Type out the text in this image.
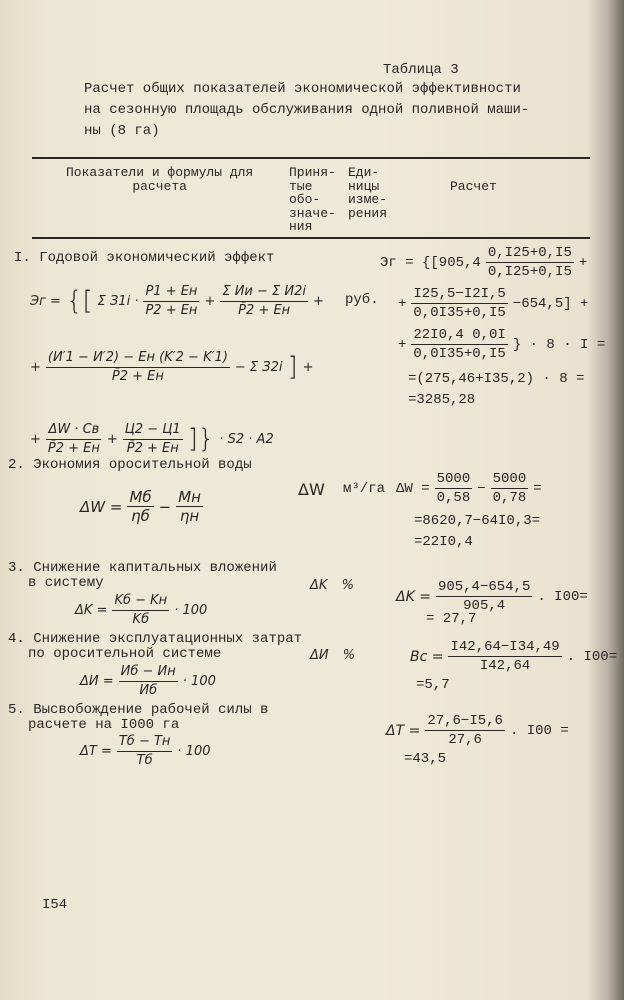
Таблица 3
Расчет общих показателей экономической эффективности
на сезонную площадь обслуживания одной поливной маши-
ны (8 га)
Показатели и формулы для
расчета
Приня-
тые
обо-
значе-
ния
Еди-
ницы
изме-
рения
Расчет
I. Годовой экономический эффект
Эг = {[ Σ З1i ·
P1 + Eн
P2 + Eн
+
Σ Ии − Σ И2i
P̄2 + Eн
+
+
(И′1 − И′2) − Eн (K′2 − K′1)
P̄2 + Eн
− Σ З2i ] +
+
ΔW · Cв
P̄2 + Eн
+
Ц2 − Ц1
P̄2 + Eн ]} · S2 · A2
руб.
Эг = {[905,4
0,I25+0,I5
0,I25+0,I5
+
+ $\frac{I25,5-I2I,5}{0,0I35+0,I5} -654,5$] +
+ $\frac{22I0,4 0,0I}{0,0I35+0,I5}$ } · 8 · I =
=(275,46+I35,2) · 8 =
=3285,28
2. Экономия оросительной воды
ΔW =
Mб
ηб
−
Mн
ηн
ΔW м³/га $\Delta W = \frac{5000}{0,58} - \frac{5000}{0,78}$ =
=8620,7−64I0,3=
=22I0,4
3. Снижение капитальных вложений
в систему
ΔK =
Kб − Kн
Kб
· 100
ΔK
%
$\Delta K = \frac{905,4-654,5}{905,4}$ . I00=
= 27,7
4. Снижение эксплуатационных затрат
по оросительной системе
ΔИ =
Иб − Ин
Иб
· 100
ΔИ
%	$Bc = \frac{I42,64-I34,49}{I42,64}$ . I00=
=5,7
5. Высвобождение рабочей силы в
расчете на I000 га
ΔT =
Tб − Tн
Tб
· 100
$\Delta T = \frac{27,6-I5,6}{27,6}$ . I00 =
=43,5
I54
